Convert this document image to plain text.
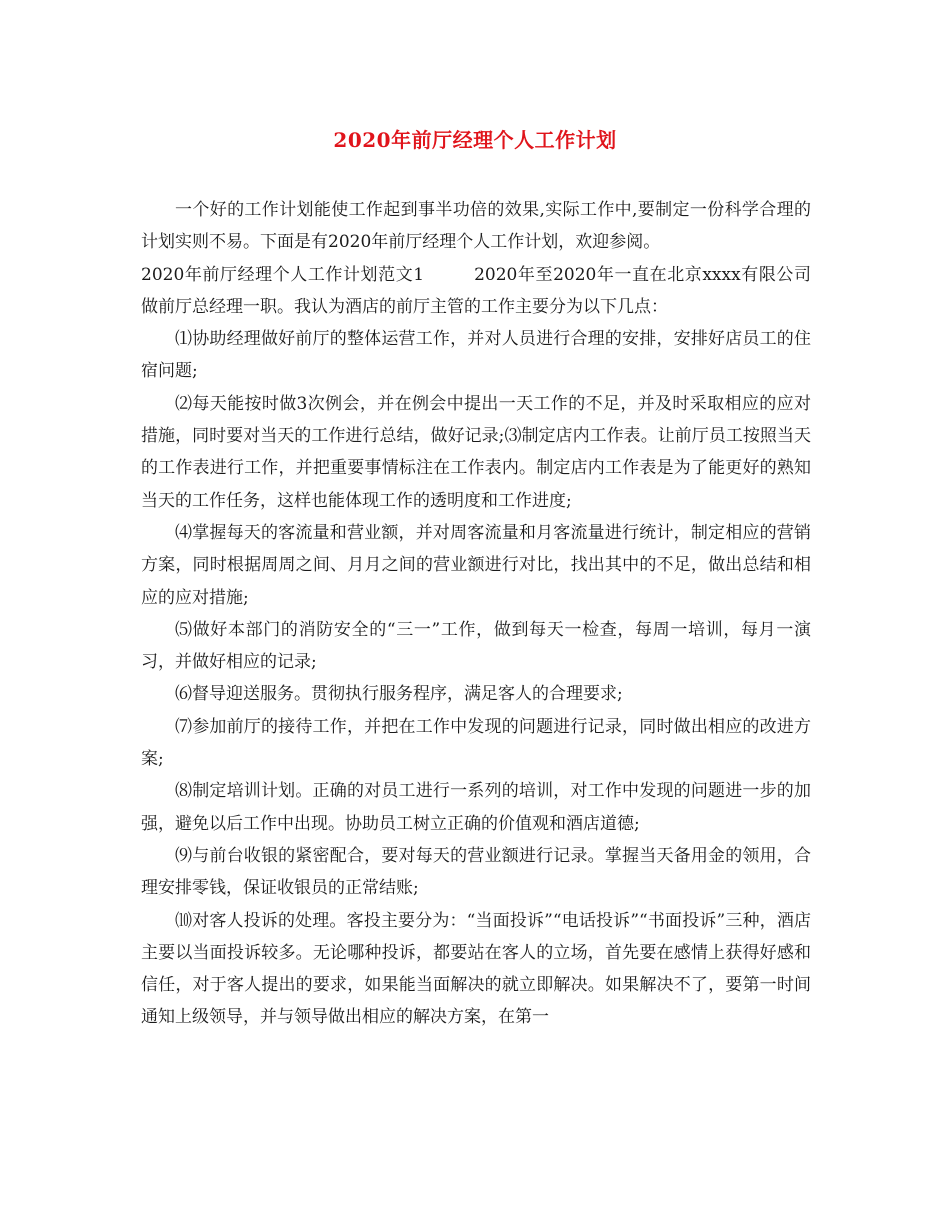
2020年前厅经理个人工作计划

一个好的工作计划能使工作起到事半功倍的效果,实际工作中,要制定一份科学合理的计划实则不易。下面是有2020年前厅经理个人工作计划，欢迎参阅。

2020年前厅经理个人工作计划范文1	2020年至2020年一直在北京xxxx有限公司做前厅总经理一职。我认为酒店的前厅主管的工作主要分为以下几点：

⑴协助经理做好前厅的整体运营工作，并对人员进行合理的安排，安排好店员工的住宿问题;

⑵每天能按时做3次例会，并在例会中提出一天工作的不足，并及时采取相应的应对措施，同时要对当天的工作进行总结，做好记录;⑶制定店内工作表。让前厅员工按照当天的工作表进行工作，并把重要事情标注在工作表内。制定店内工作表是为了能更好的熟知当天的工作任务，这样也能体现工作的透明度和工作进度;

⑷掌握每天的客流量和营业额，并对周客流量和月客流量进行统计，制定相应的营销方案，同时根据周周之间、月月之间的营业额进行对比，找出其中的不足，做出总结和相应的应对措施;

⑸做好本部门的消防安全的“三一”工作，做到每天一检查，每周一培训，每月一演习，并做好相应的记录;

⑹督导迎送服务。贯彻执行服务程序，满足客人的合理要求;

⑺参加前厅的接待工作，并把在工作中发现的问题进行记录，同时做出相应的改进方案;

⑻制定培训计划。正确的对员工进行一系列的培训，对工作中发现的问题进一步的加强，避免以后工作中出现。协助员工树立正确的价值观和酒店道德;

⑼与前台收银的紧密配合，要对每天的营业额进行记录。掌握当天备用金的领用，合理安排零钱，保证收银员的正常结账;

⑽对客人投诉的处理。客投主要分为：“当面投诉”“电话投诉”“书面投诉”三种，酒店主要以当面投诉较多。无论哪种投诉，都要站在客人的立场，首先要在感情上获得好感和信任，对于客人提出的要求，如果能当面解决的就立即解决。如果解决不了，要第一时间通知上级领导，并与领导做出相应的解决方案，在第一
